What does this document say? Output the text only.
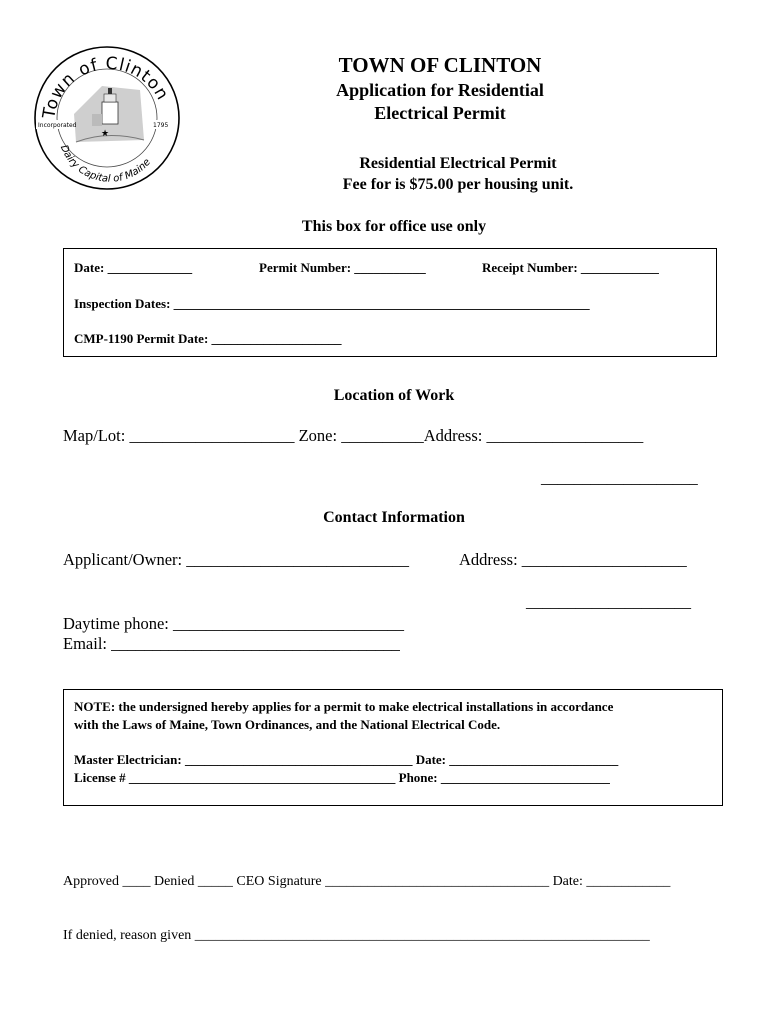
★
Incorporated	1795
Town of Clinton
Dairy Capital of Maine
TOWN OF CLINTON
Application for Residential
Electrical Permit
Residential Electrical Permit
Fee for is $75.00 per housing unit.
This box for office use only
Date: _____________	Permit Number: ___________	Receipt Number: ____________
Inspection Dates: ________________________________________________________________
CMP-1190 Permit Date: ____________________
Location of Work
Map/Lot: ____________________ Zone: __________Address: ___________________
___________________
Contact Information
Applicant/Owner: ___________________________	Address: ____________________
____________________
Daytime phone: ____________________________
Email: ___________________________________
NOTE: the undersigned hereby applies for a permit to make electrical installations in accordance
with the Laws of Maine, Town Ordinances, and the National Electrical Code.
Master Electrician: ___________________________________ Date: __________________________
License # _________________________________________ Phone: __________________________
Approved ____ Denied _____ CEO Signature ________________________________ Date: ____________
If denied, reason given _________________________________________________________________
